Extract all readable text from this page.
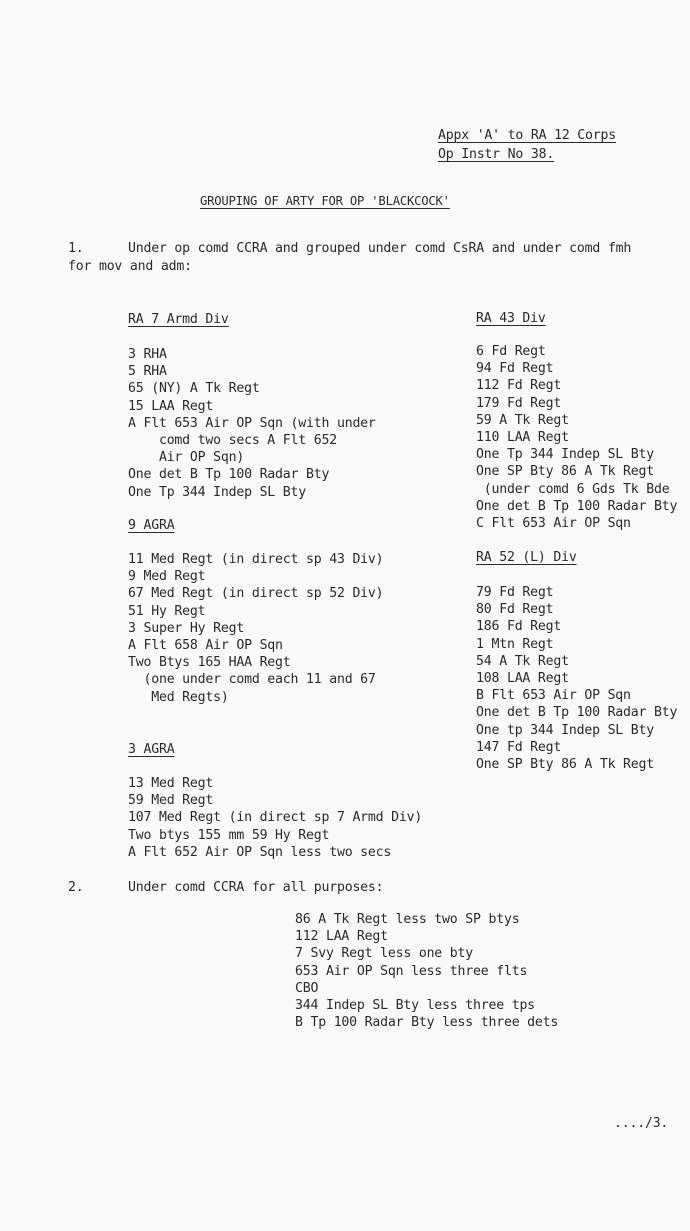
Appx 'A' to RA 12 Corps
Op Instr No 38.
GROUPING OF ARTY FOR OP 'BLACKCOCK'
1.	Under op comd CCRA and grouped under comd CsRA and under comd fmh
for mov and adm:
RA 7 Armd Div
3 RHA
5 RHA
65 (NY) A Tk Regt
15 LAA Regt
A Flt 653 Air OP Sqn (with under
comd two secs A Flt 652
Air OP Sqn)
One det B Tp 100 Radar Bty
One Tp 344 Indep SL Bty
9 AGRA
11 Med Regt (in direct sp 43 Div)
9 Med Regt
67 Med Regt (in direct sp 52 Div)
51 Hy Regt
3 Super Hy Regt
A Flt 658 Air OP Sqn
Two Btys 165 HAA Regt
(one under comd each 11 and 67
Med Regts)
3 AGRA
13 Med Regt
59 Med Regt
107 Med Regt (in direct sp 7 Armd Div)
Two btys 155 mm 59 Hy Regt
A Flt 652 Air OP Sqn less two secs
RA 43 Div
6 Fd Regt
94 Fd Regt
112 Fd Regt
179 Fd Regt
59 A Tk Regt
110 LAA Regt
One Tp 344 Indep SL Bty
One SP Bty 86 A Tk Regt
(under comd 6 Gds Tk Bde
One det B Tp 100 Radar Bty
C Flt 653 Air OP Sqn
RA 52 (L) Div
79 Fd Regt
80 Fd Regt
186 Fd Regt
1 Mtn Regt
54 A Tk Regt
108 LAA Regt
B Flt 653 Air OP Sqn
One det B Tp 100 Radar Bty
One tp 344 Indep SL Bty
147 Fd Regt
One SP Bty 86 A Tk Regt
2.	Under comd CCRA for all purposes:
86 A Tk Regt less two SP btys
112 LAA Regt
7 Svy Regt less one bty
653 Air OP Sqn less three flts
CBO
344 Indep SL Bty less three tps
B Tp 100 Radar Bty less three dets
..../3.
